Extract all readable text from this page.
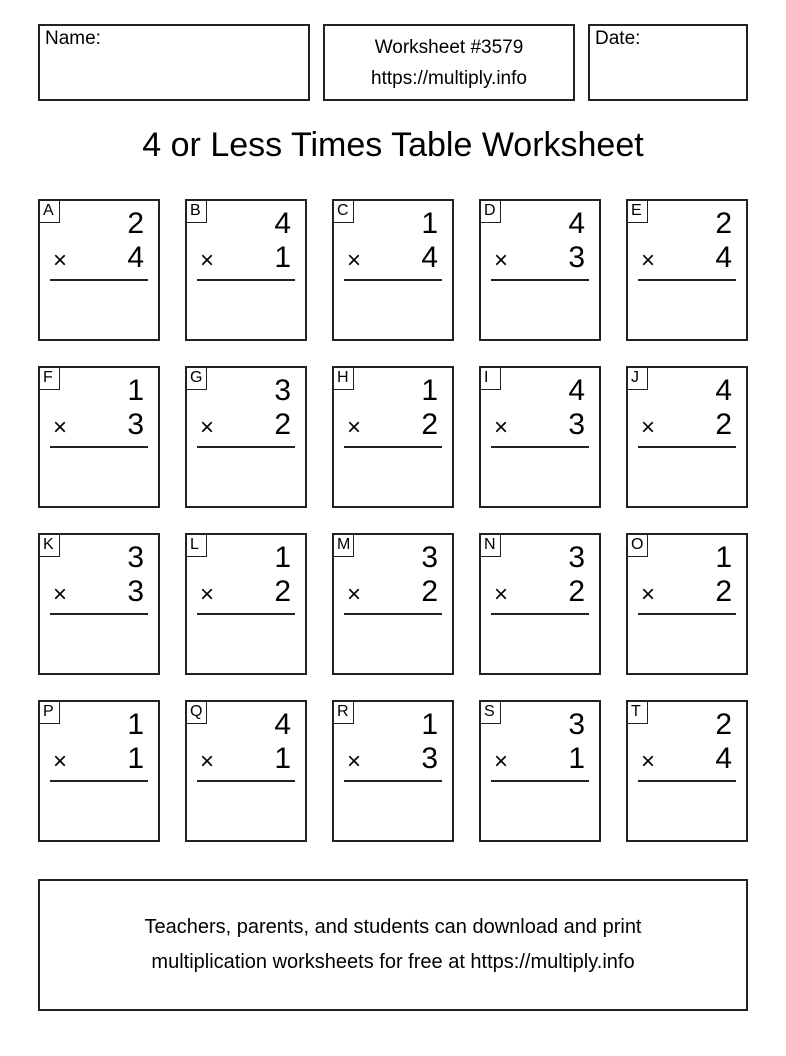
Name:	Worksheet #3579
https://multiply.info
Date:
4 or Less Times Table Worksheet
A 2
× 4
B 4
× 1
C 1
× 4
D 4
× 3
E 2
× 4
F 1
× 3
G 3
× 2
H 1
× 2
I	4
× 3
J	4
× 2
K 3
× 3
L	1
× 2
M 3
× 2
N 3
× 2
O 1
× 2
P 1
× 1
Q 4
× 1
R 1
× 3
S 3
× 1
T 2
× 4
Teachers, parents, and students can download and print
multiplication worksheets for free at https://multiply.info
